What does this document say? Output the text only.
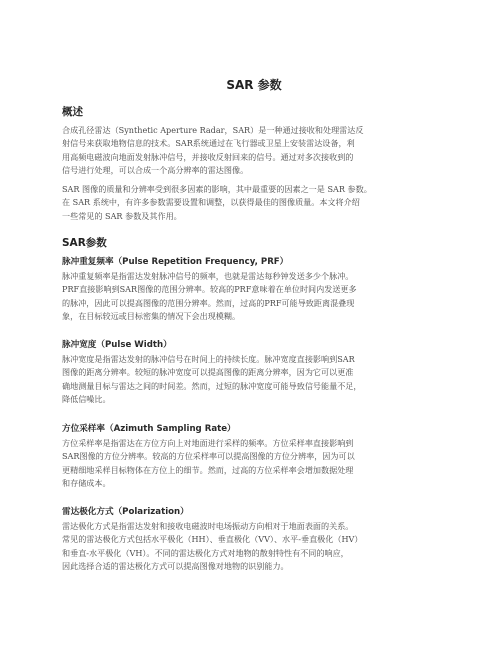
SAR 参数
概述

合成孔径雷达（Synthetic Aperture Radar，SAR）是一种通过接收和处理雷达反
射信号来获取地物信息的技术。SAR系统通过在飞行器或卫星上安装雷达设备，利
用高频电磁波向地面发射脉冲信号，并接收反射回来的信号。通过对多次接收到的
信号进行处理，可以合成一个高分辨率的雷达图像。

SAR 图像的质量和分辨率受到很多因素的影响，其中最重要的因素之一是 SAR 参数。
在 SAR 系统中，有许多参数需要设置和调整，以获得最佳的图像质量。本文将介绍
一些常见的 SAR 参数及其作用。

SAR参数
脉冲重复频率（Pulse Repetition Frequency, PRF）

脉冲重复频率是指雷达发射脉冲信号的频率，也就是雷达每秒钟发送多少个脉冲。
PRF直接影响到SAR图像的范围分辨率。较高的PRF意味着在单位时间内发送更多
的脉冲，因此可以提高图像的范围分辨率。然而，过高的PRF可能导致距离混叠现
象，在目标较远或目标密集的情况下会出现模糊。

脉冲宽度（Pulse Width）

脉冲宽度是指雷达发射的脉冲信号在时间上的持续长度。脉冲宽度直接影响到SAR
图像的距离分辨率。较短的脉冲宽度可以提高图像的距离分辨率，因为它可以更准
确地测量目标与雷达之间的时间差。然而，过短的脉冲宽度可能导致信号能量不足，
降低信噪比。

方位采样率（Azimuth Sampling Rate）

方位采样率是指雷达在方位方向上对地面进行采样的频率。方位采样率直接影响到
SAR图像的方位分辨率。较高的方位采样率可以提高图像的方位分辨率，因为可以
更精细地采样目标物体在方位上的细节。然而，过高的方位采样率会增加数据处理
和存储成本。

雷达极化方式（Polarization）

雷达极化方式是指雷达发射和接收电磁波时电场振动方向相对于地面表面的关系。
常见的雷达极化方式包括水平极化（HH）、垂直极化（VV）、水平-垂直极化（HV）
和垂直-水平极化（VH）。不同的雷达极化方式对地物的散射特性有不同的响应，
因此选择合适的雷达极化方式可以提高图像对地物的识别能力。
